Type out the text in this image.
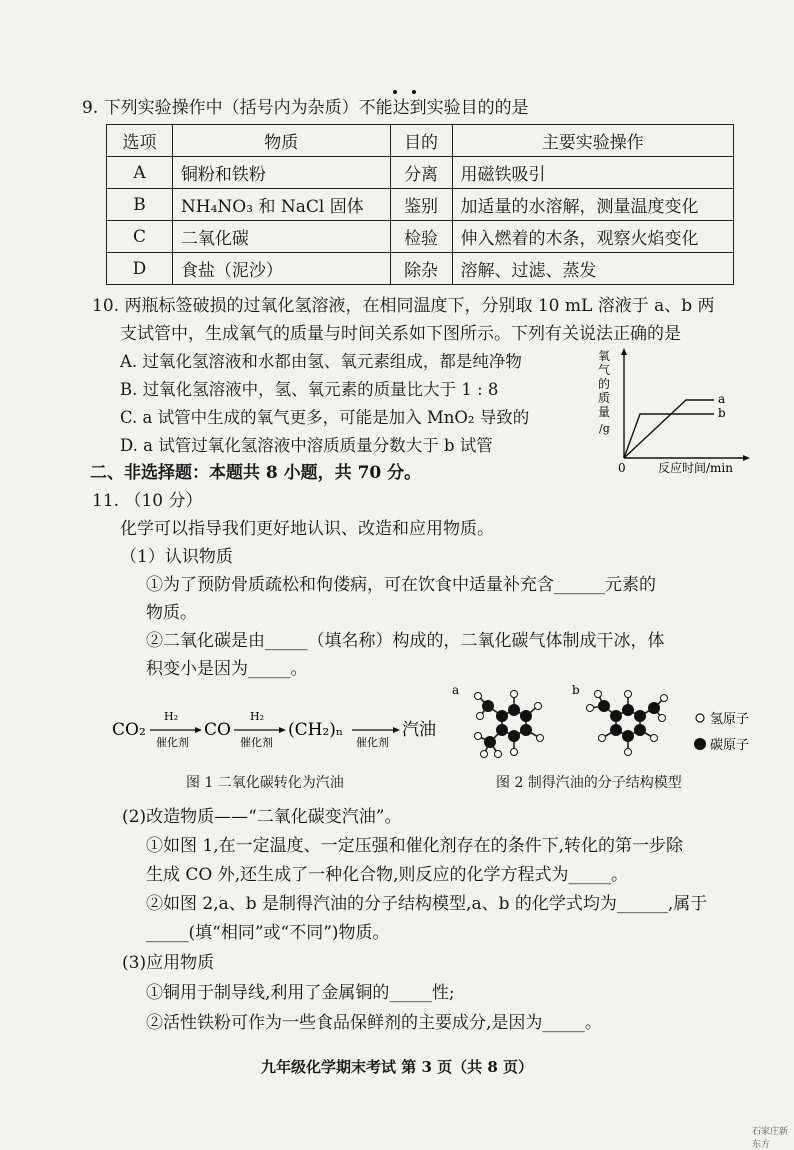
9. 下列实验操作中（括号内为杂质）不能达到实验目的的是
选项	物质	目的	主要实验操作
A	铜粉和铁粉	分离	用磁铁吸引
B	NH₄NO₃ 和 NaCl 固体	鉴别	加适量的水溶解，测量温度变化
C	二氧化碳	检验	伸入燃着的木条，观察火焰变化
D	食盐（泥沙）	除杂	溶解、过滤、蒸发
10. 两瓶标签破损的过氧化氢溶液，在相同温度下，分别取 10 mL 溶液于 a、b 两
支试管中，生成氧气的质量与时间关系如下图所示。下列有关说法正确的是
A. 过氧化氢溶液和水都由氢、氧元素组成，都是纯净物
B. 过氧化氢溶液中，氢、氧元素的质量比大于 1 : 8
C. a 试管中生成的氧气更多，可能是加入 MnO₂ 导致的
D. a 试管过氧化氢溶液中溶质质量分数大于 b 试管
a
b
氧
气
的
质
量
/g
0	反应时间/min
二、非选择题：本题共 8 小题，共 70 分。
11. （10 分）
化学可以指导我们更好地认识、改造和应用物质。
（1）认识物质
①为了预防骨质疏松和佝偻病，可在饮食中适量补充含______元素的
物质。
②二氧化碳是由_____（填名称）构成的，二氧化碳气体制成干冰，体
积变小是因为_____。
CO₂
H₂
催化剂
CO
H₂
催化剂
(CH₂)ₙ
催化剂
汽油
图 1 二氧化碳转化为汽油
a	b
氢原子
碳原子
图 2 制得汽油的分子结构模型
(2)改造物质——“二氧化碳变汽油”。
①如图 1,在一定温度、一定压强和催化剂存在的条件下,转化的第一步除
生成 CO 外,还生成了一种化合物,则反应的化学方程式为_____。
②如图 2,a、b 是制得汽油的分子结构模型,a、b 的化学式均为______,属于
_____(填“相同”或“不同”)物质。
(3)应用物质
①铜用于制导线,利用了金属铜的_____性;
②活性铁粉可作为一些食品保鲜剂的主要成分,是因为_____。
九年级化学期末考试 第 3 页（共 8 页）
石家庄新东方
